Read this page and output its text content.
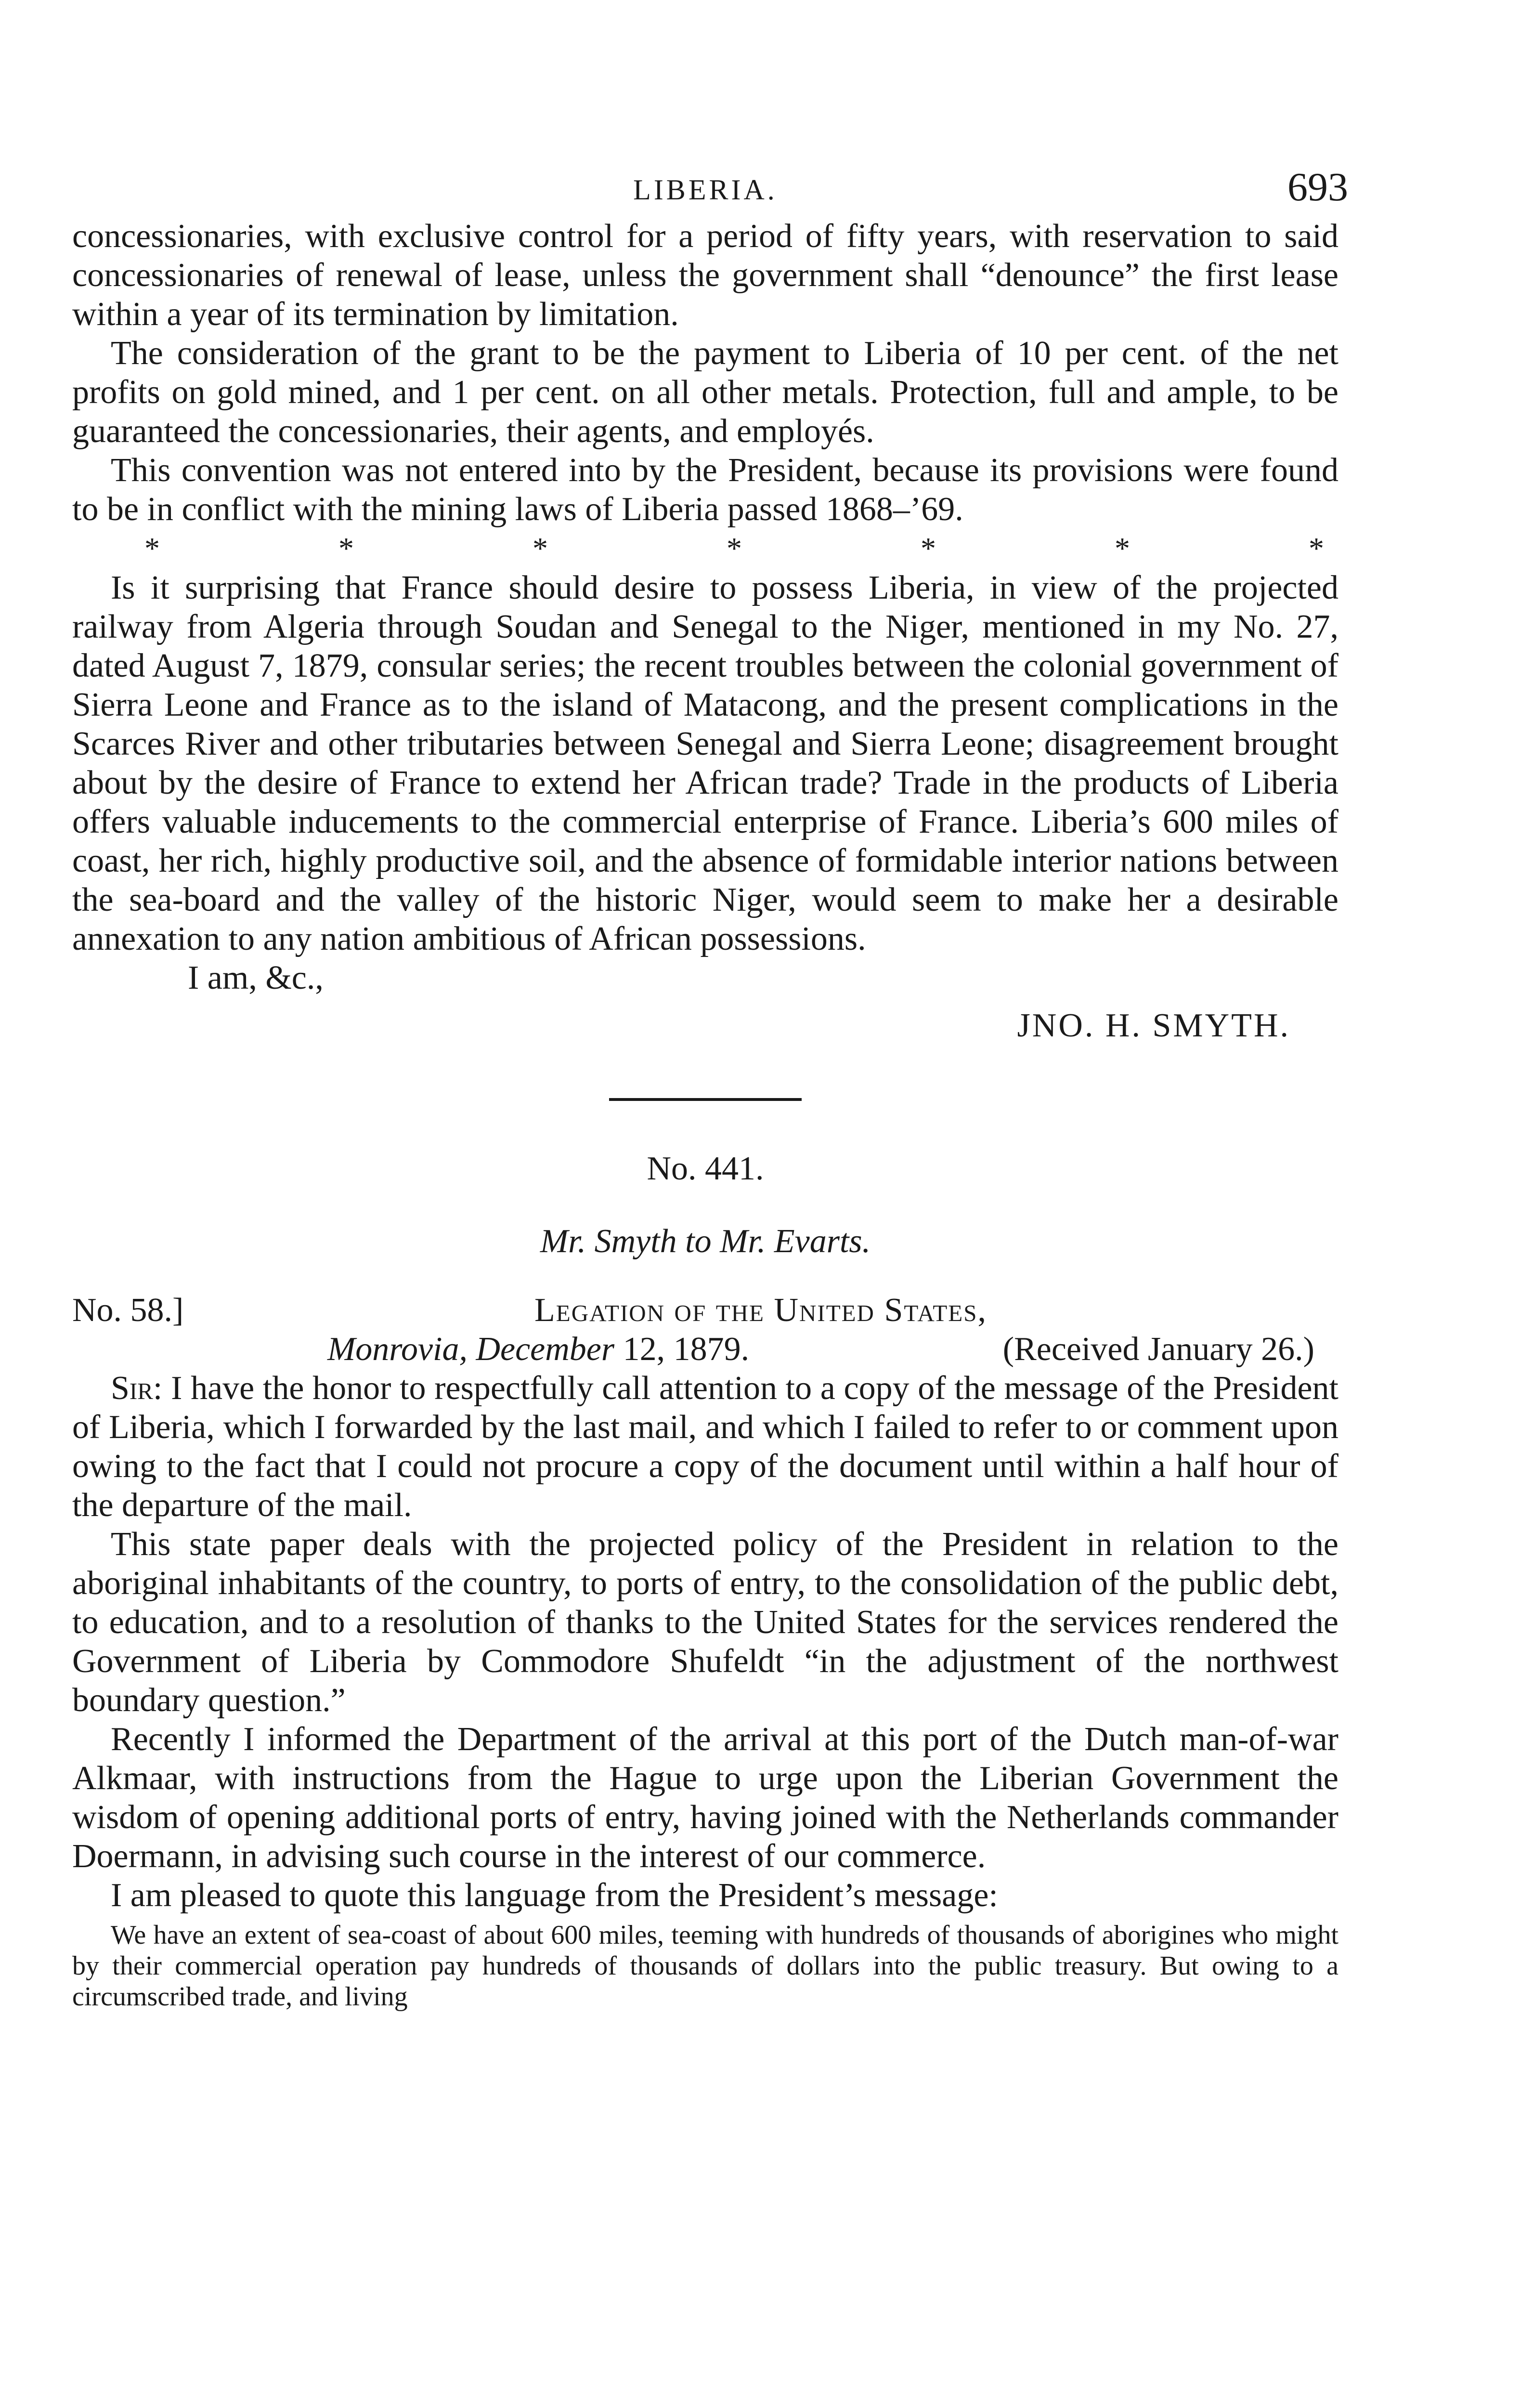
LIBERIA.	693

concessionaries, with exclusive control for a period of fifty years, with reservation to said concessionaries of renewal of lease, unless the government shall “denounce” the first lease within a year of its termination by limitation.

The consideration of the grant to be the payment to Liberia of 10 per cent. of the net profits on gold mined, and 1 per cent. on all other metals. Protection, full and ample, to be guaranteed the concessionaries, their agents, and employés.

This convention was not entered into by the President, because its provisions were found to be in conflict with the mining laws of Liberia passed 1868–’69.

*	*	*	*	*	*	*

Is it surprising that France should desire to possess Liberia, in view of the projected railway from Algeria through Soudan and Senegal to the Niger, mentioned in my No. 27, dated August 7, 1879, consular series; the recent troubles between the colonial government of Sierra Leone and France as to the island of Matacong, and the present complications in the Scarces River and other tributaries between Senegal and Sierra Leone; disagreement brought about by the desire of France to extend her African trade? Trade in the products of Liberia offers valuable inducements to the commercial enterprise of France. Liberia’s 600 miles of coast, her rich, highly productive soil, and the absence of formidable interior nations between the sea-board and the valley of the historic Niger, would seem to make her a desirable annexation to any nation ambitious of African possessions.

I am, &c.,
JNO. H. SMYTH.
No. 441.
Mr. Smyth to Mr. Evarts.
No. 58.]	Legation of the United States,
Monrovia, December 12, 1879.	(Received January 26.)

Sir: I have the honor to respectfully call attention to a copy of the message of the President of Liberia, which I forwarded by the last mail, and which I failed to refer to or comment upon owing to the fact that I could not procure a copy of the document until within a half hour of the departure of the mail.

This state paper deals with the projected policy of the President in relation to the aboriginal inhabitants of the country, to ports of entry, to the consolidation of the public debt, to education, and to a resolution of thanks to the United States for the services rendered the Government of Liberia by Commodore Shufeldt “in the adjustment of the northwest boundary question.”

Recently I informed the Department of the arrival at this port of the Dutch man-of-war Alkmaar, with instructions from the Hague to urge upon the Liberian Government the wisdom of opening additional ports of entry, having joined with the Netherlands commander Doermann, in advising such course in the interest of our commerce.

I am pleased to quote this language from the President’s message:

We have an extent of sea-coast of about 600 miles, teeming with hundreds of thousands of aborigines who might by their commercial operation pay hundreds of thousands of dollars into the public treasury. But owing to a circumscribed trade, and living
